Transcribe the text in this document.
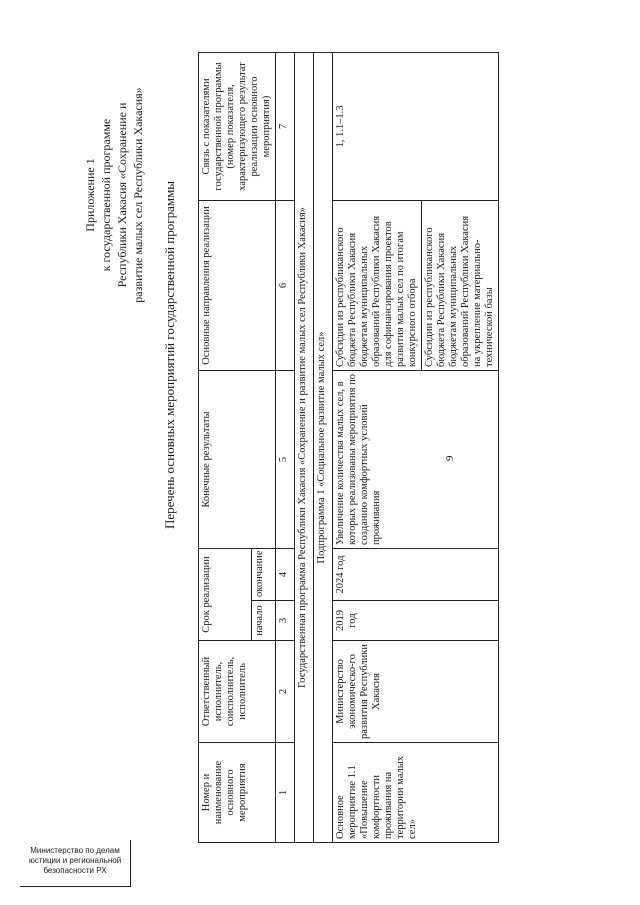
9
Приложение 1 к государственной программе Республики Хакасия «Сохранение и развитие малых сел Республики Хакасия» Перечень основных мероприятий государственной программы
Номер и наименование основного мероприятия	Ответственный исполнитель, соисполнитель, исполнитель	Срок реализации		Конечные результаты	Основные направления реализации	Связь с показателями государственной программы (номер показателя, характеризующего результат реализации основного мероприятия)
		начало	окончание			
1	2	3	4	5	6	7
Государственная программа Республики Хакасия «Сохранение и развитие малых сел Республики Хакасия»						
Подпрограмма 1 «Социальное развитие малых сел»						
Основное мероприятие 1.1 «Повышение комфортности проживания на территории малых сел»	Министерство экономическо-го развития Республики Хакасия	2019 год	2024 год	Увеличение количества малых сел, в которых реализованы мероприятия по созданию комфортных условий проживания	Субсидии из республиканского бюджета Республики Хакасия бюджетам муниципальных образований Республики Хакасия для софинансирования проектов развития малых сел по итогам конкурсного отбора Субсидии из республиканского бюджета Республики Хакасия бюджетам муниципальных образований Республики Хакасия на укрепление материально-технической базы	1, 1.1–1.3
Министерство по делам
юстиции и региональной
безопасности РХ
